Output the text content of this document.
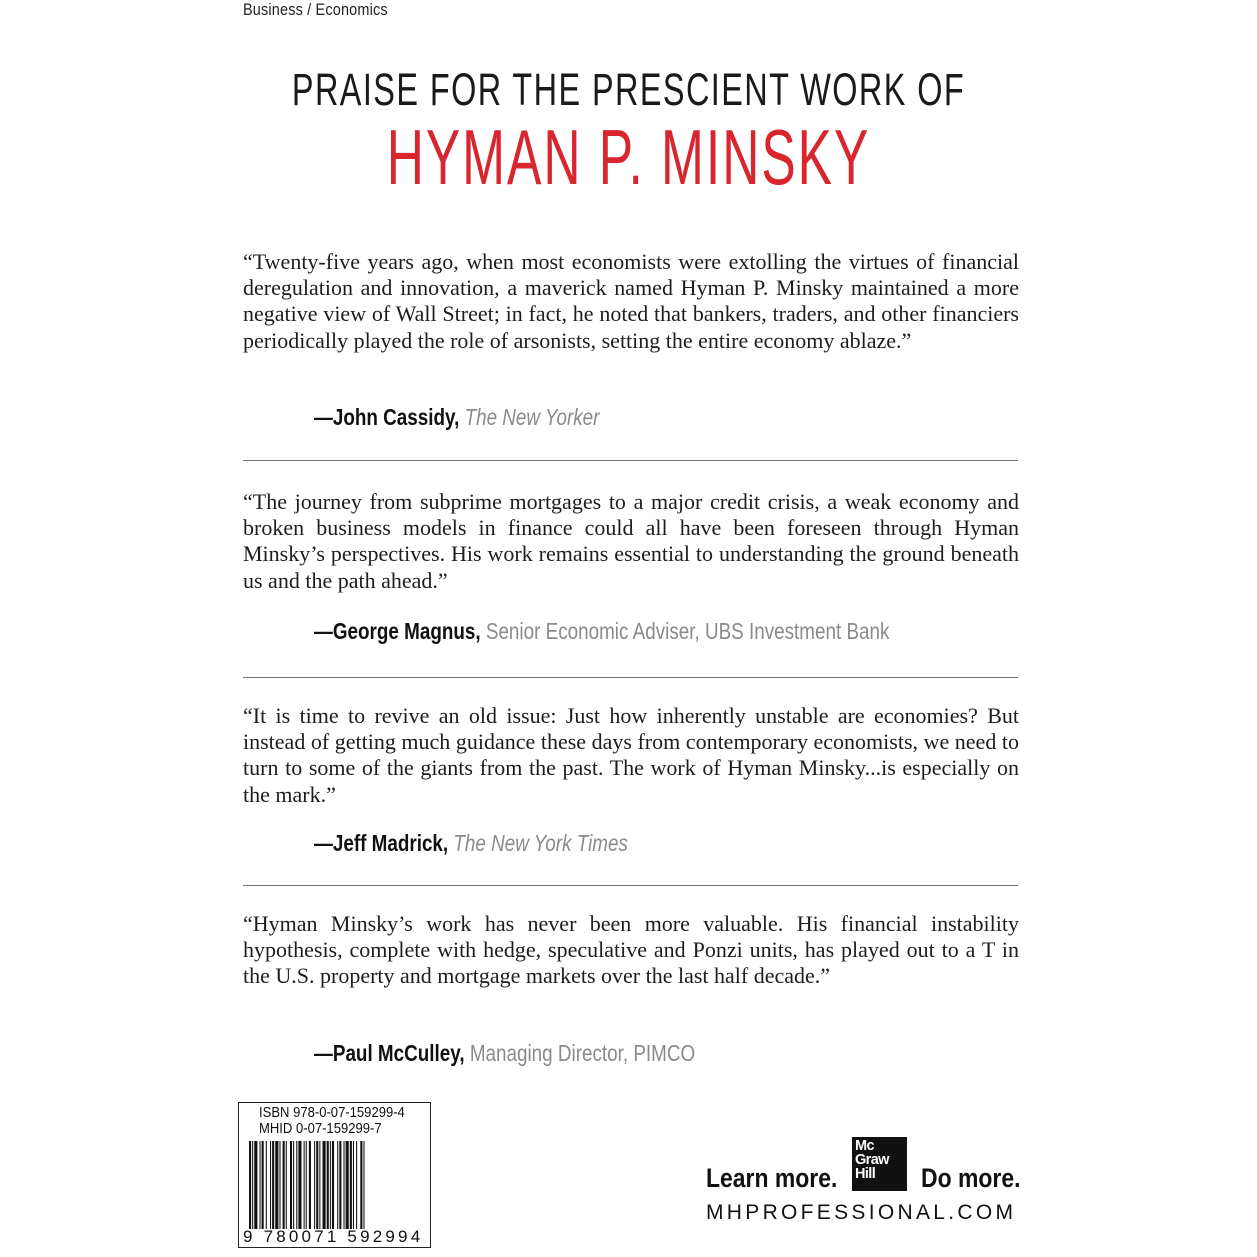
Business / Economics
PRAISE FOR THE PRESCIENT WORK OF
HYMAN P. MINSKY

“Twenty-five years ago, when most economists were extolling the virtues of financial deregulation and innovation, a maverick named Hyman P. Minsky maintained a more negative view of Wall Street; in fact, he noted that bankers, traders, and other financiers periodically played the role of arsonists, setting the entire economy ablaze.”

—John Cassidy, The New Yorker

“The journey from subprime mortgages to a major credit crisis, a weak economy and broken business models in finance could all have been foreseen through Hyman Minsky’s perspectives. His work remains essential to understanding the ground beneath us and the path ahead.”

—George Magnus, Senior Economic Adviser, UBS Investment Bank

“It is time to revive an old issue: Just how inherently unstable are economies? But instead of getting much guidance these days from contemporary economists, we need to turn to some of the giants from the past. The work of Hyman Minsky...is especially on the mark.”

—Jeff Madrick, The New York Times

“Hyman Minsky’s work has never been more valuable. His financial instability hypothesis, complete with hedge, speculative and Ponzi units, has played out to a T in the U.S. property and mortgage markets over the last half decade.”

—Paul McCulley, Managing Director, PIMCO

ISBN 978-0-07-159299-4
MHID 0-07-159299-7
9 780071 592994
Learn more.
Mc
Graw
Hill	Do more.
MHPROFESSIONAL.COM
